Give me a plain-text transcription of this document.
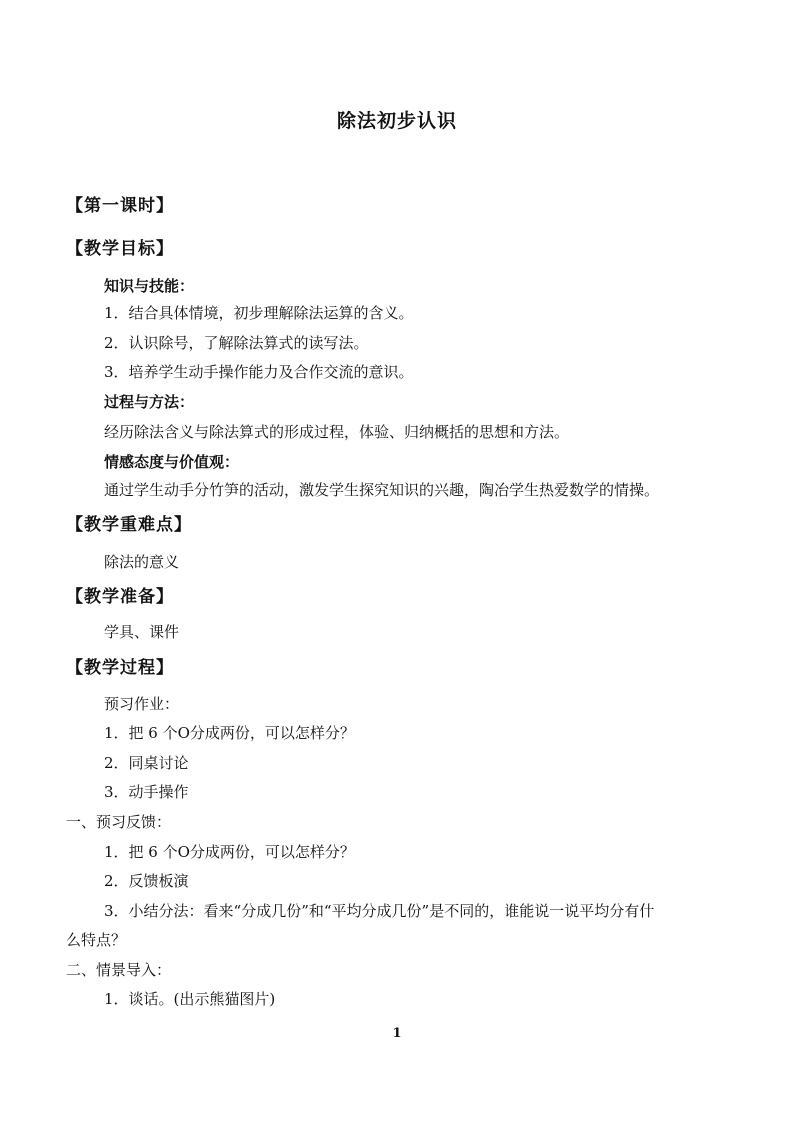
除法初步认识
【第一课时】
【教学目标】
知识与技能：
1．结合具体情境，初步理解除法运算的含义。
2．认识除号，了解除法算式的读写法。
3．培养学生动手操作能力及合作交流的意识。
过程与方法：
经历除法含义与除法算式的形成过程，体验、归纳概括的思想和方法。
情感态度与价值观：
通过学生动手分竹笋的活动，激发学生探究知识的兴趣，陶冶学生热爱数学的情操。
【教学重难点】
除法的意义
【教学准备】
学具、课件
【教学过程】
预习作业：
1．把 6 个O分成两份，可以怎样分？
2．同桌讨论
3．动手操作
一、预习反馈：
1．把 6 个O分成两份，可以怎样分？
2．反馈板演
3．小结分法：看来“分成几份”和“平均分成几份”是不同的，谁能说一说平均分有什
么特点？
二、情景导入：
1．谈话。(出示熊猫图片)
1
